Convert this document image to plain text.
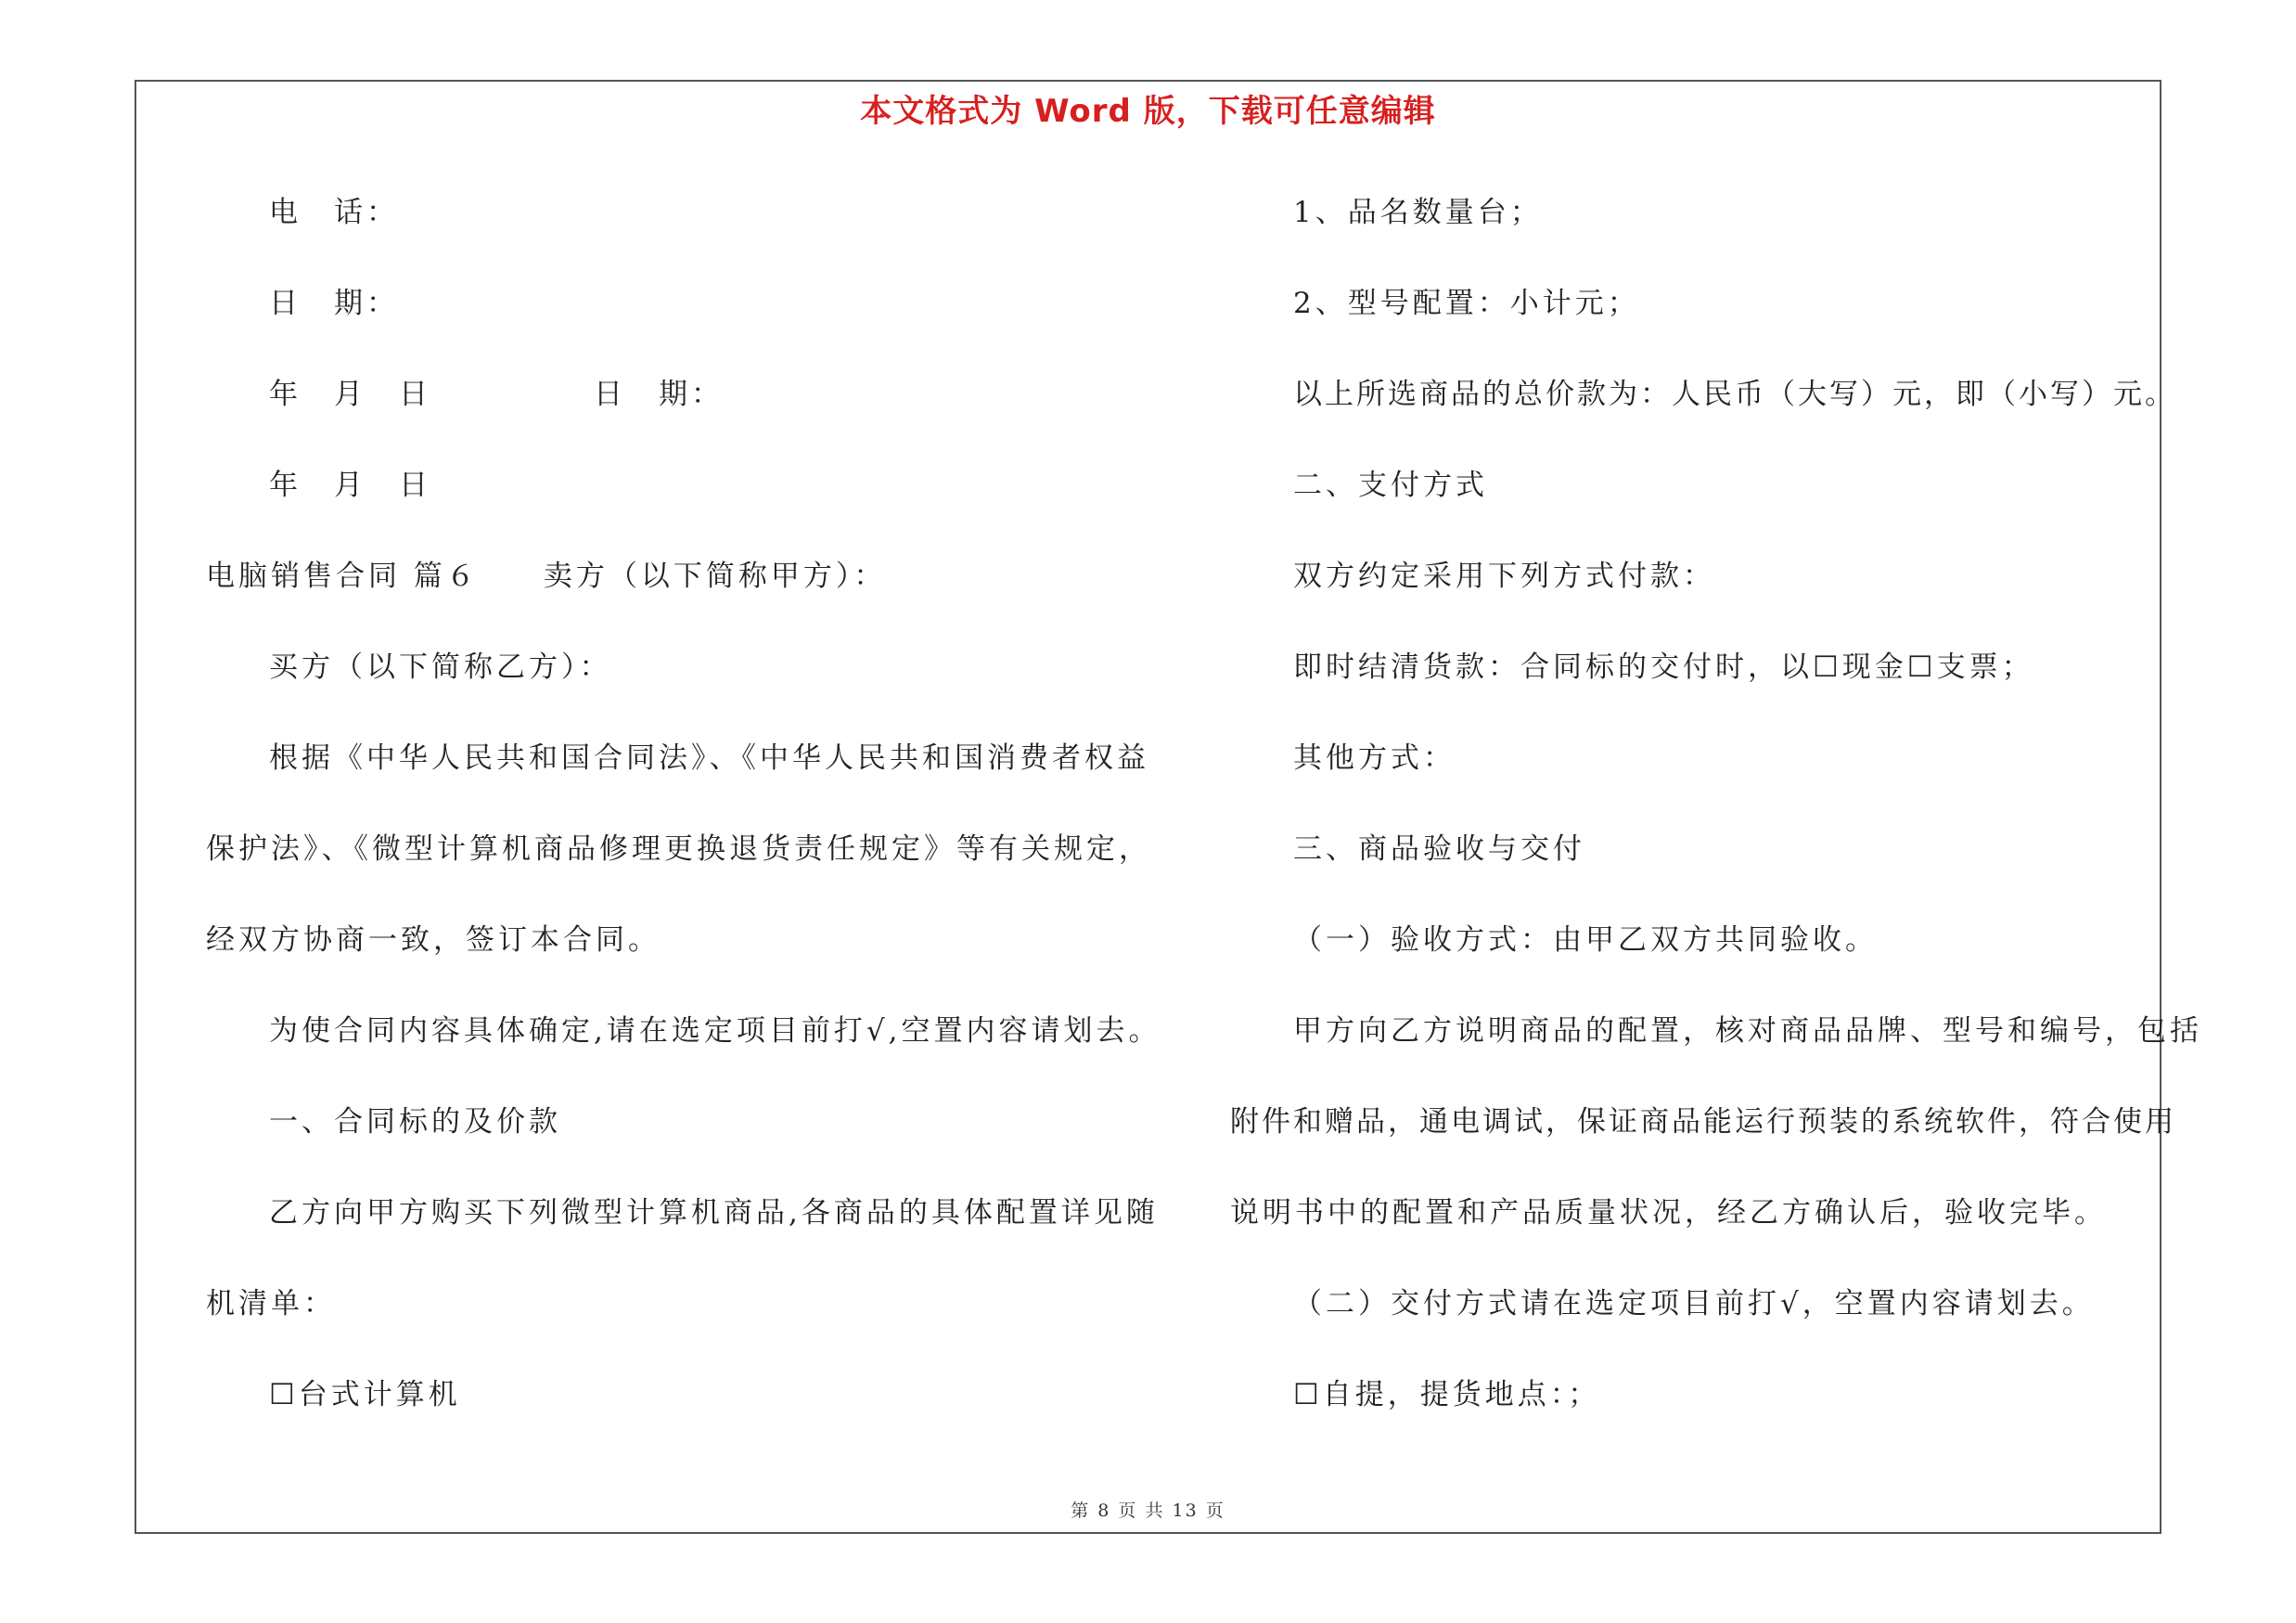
本文格式为 Word 版，下载可任意编辑
电　话：
日　期：
年　月　日　　　　　日　期：
年　月　日
电脑销售合同 篇６　　卖方（以下简称甲方）：
买方（以下简称乙方）：
根据《中华人民共和国合同法》、《中华人民共和国消费者权益
保护法》、《微型计算机商品修理更换退货责任规定》等有关规定，
经双方协商一致，签订本合同。
为使合同内容具体确定,请在选定项目前打√,空置内容请划去。
一、合同标的及价款
乙方向甲方购买下列微型计算机商品,各商品的具体配置详见随
机清单：
☐台式计算机
1、品名数量台；
2、型号配置：小计元；
以上所选商品的总价款为：人民币（大写）元，即（小写）元。
二、支付方式
双方约定采用下列方式付款：
即时结清货款：合同标的交付时，以☐现金☐支票；
其他方式：
三、商品验收与交付
（一）验收方式：由甲乙双方共同验收。
甲方向乙方说明商品的配置，核对商品品牌、型号和编号，包括
附件和赠品，通电调试，保证商品能运行预装的系统软件，符合使用
说明书中的配置和产品质量状况，经乙方确认后，验收完毕。
（二）交付方式请在选定项目前打√，空置内容请划去。
☐自提，提货地点：；
第 8 页 共 13 页
